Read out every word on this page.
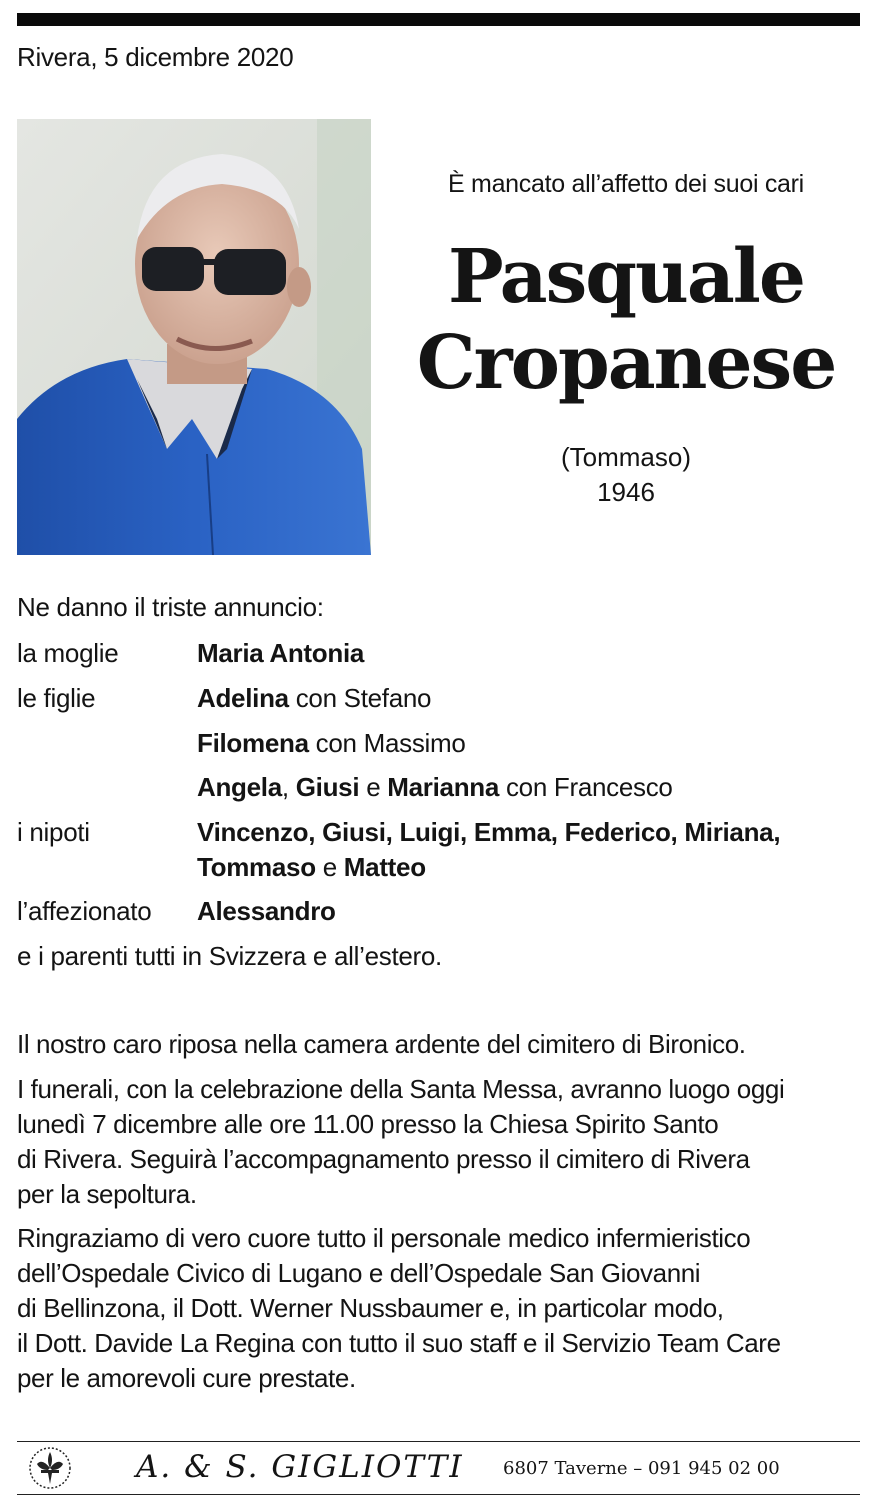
Rivera, 5 dicembre 2020
È mancato all’affetto dei suoi cari
Pasquale
Cropanese
(Tommaso)
1946
Ne danno il triste annuncio:
la moglie	Maria Antonia
le figlie	Adelina con Stefano
Filomena con Massimo
Angela, Giusi e Marianna con Francesco
i nipoti	Vincenzo, Giusi, Luigi, Emma, Federico, Miriana,
Tommaso e Matteo
l’affezionato Alessandro
e i parenti tutti in Svizzera e all’estero.
Il nostro caro riposa nella camera ardente del cimitero di Bironico.
I funerali, con la celebrazione della Santa Messa, avranno luogo oggi
lunedì 7 dicembre alle ore 11.00 presso la Chiesa Spirito Santo
di Rivera. Seguirà l’accompagnamento presso il cimitero di Rivera
per la sepoltura.
Ringraziamo di vero cuore tutto il personale medico infermieristico
dell’Ospedale Civico di Lugano e dell’Ospedale San Giovanni
di Bellinzona, il Dott. Werner Nussbaumer e, in particolar modo,
il Dott. Davide La Regina con tutto il suo staff e il Servizio Team Care
per le amorevoli cure prestate.
A. & S. GIGLIOTTI 6807 Taverne – 091 945 02 00
